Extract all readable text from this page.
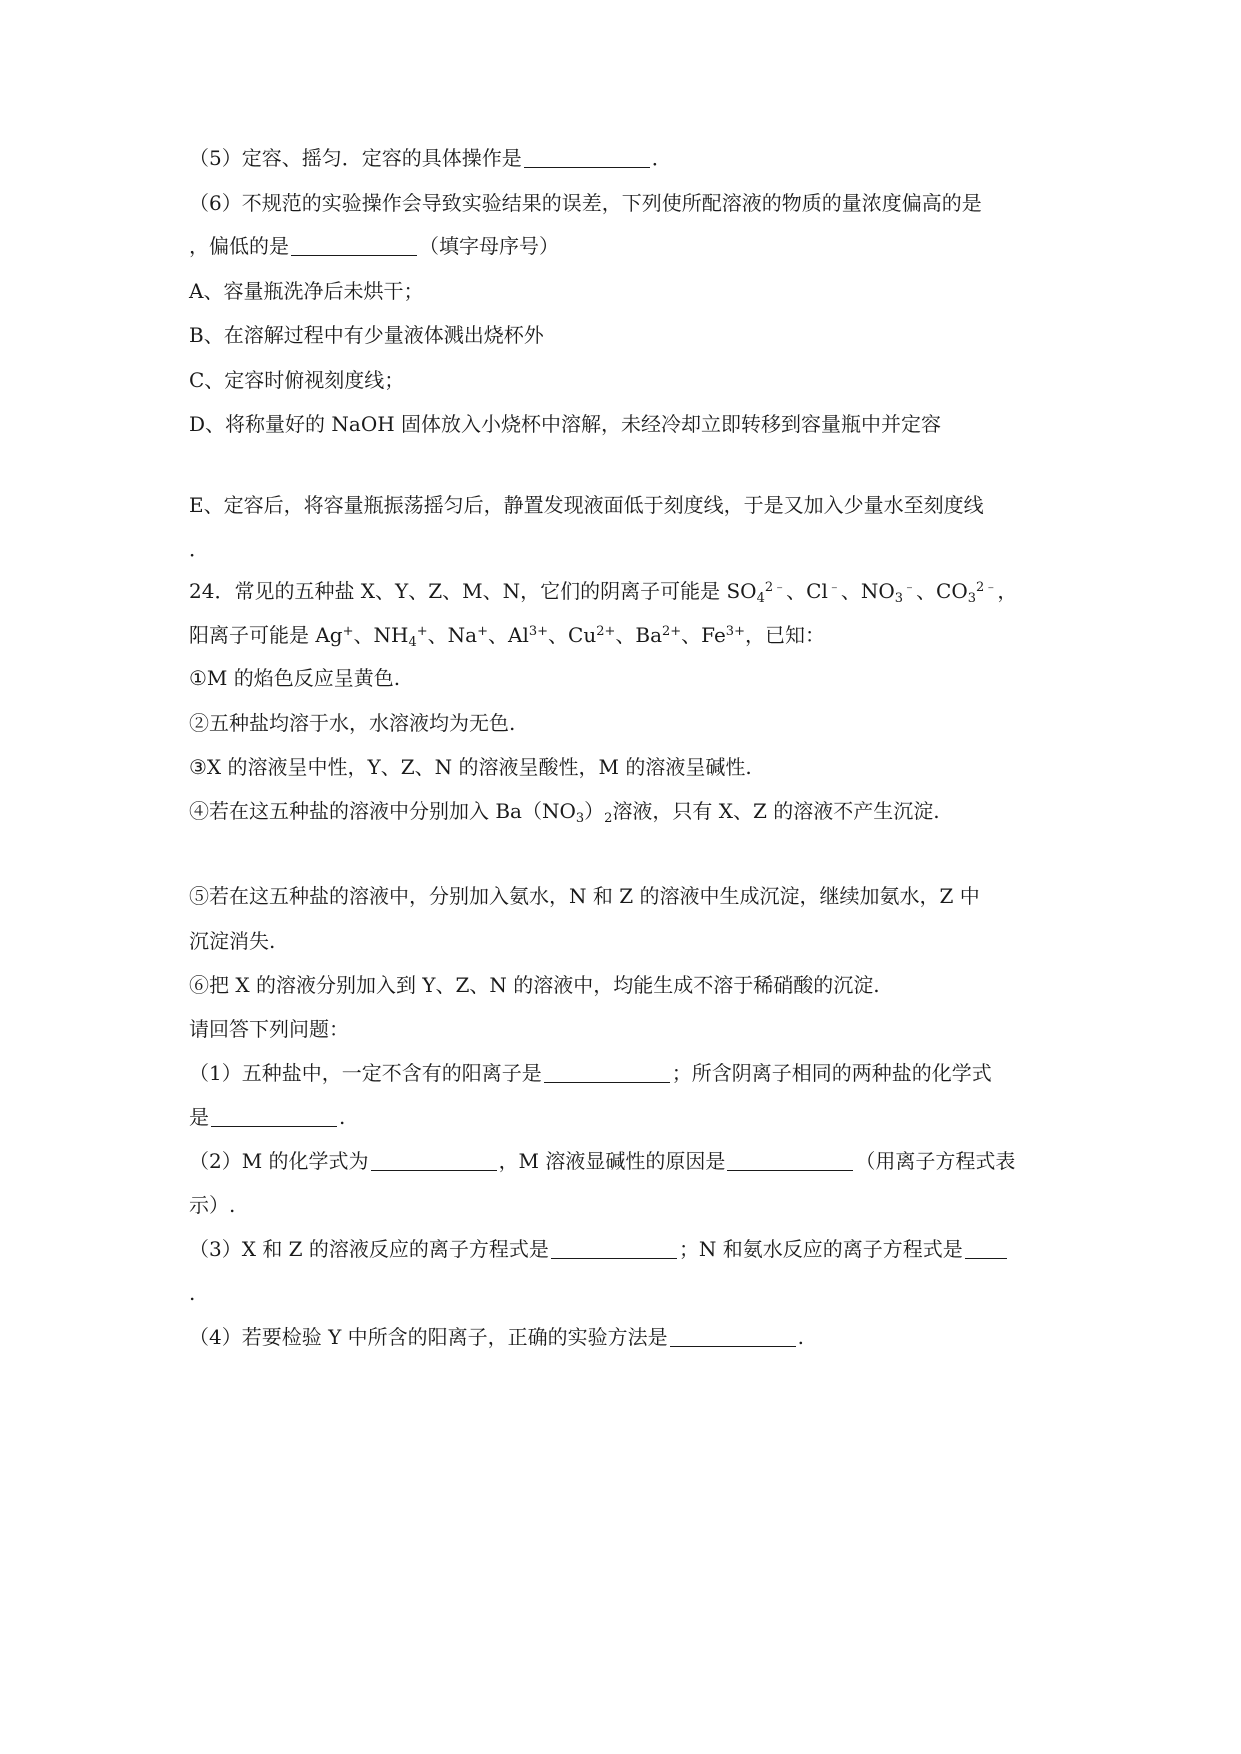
（5）定容、摇匀．定容的具体操作是	．
（6）不规范的实验操作会导致实验结果的误差，下列使所配溶液的物质的量浓度偏高的是
，偏低的是	（填字母序号）
A、容量瓶洗净后未烘干；
B、在溶解过程中有少量液体溅出烧杯外
C、定容时俯视刻度线；
D、将称量好的 NaOH 固体放入小烧杯中溶解，未经冷却立即转移到容量瓶中并定容
E、定容后，将容量瓶振荡摇匀后，静置发现液面低于刻度线，于是又加入少量水至刻度线
．
24．常见的五种盐 X、Y、Z、M、N，它们的阴离子可能是 $SO_4^{2﹣}$、Cl﹣、$NO_3^﹣$、$CO_3^{2﹣}$，
阳离子可能是 Ag+、$NH_4^+$、Na+、$Al^{3+}$、$Cu^{2+}$、$Ba^{2+}$、$Fe^{3+}$，已知：
①M 的焰色反应呈黄色.
②五种盐均溶于水，水溶液均为无色.
③X 的溶液呈中性，Y、Z、N 的溶液呈酸性，M 的溶液呈碱性.
④若在这五种盐的溶液中分别加入 $Ba(NO_3)_2$溶液，只有 X、Z 的溶液不产生沉淀.
⑤若在这五种盐的溶液中，分别加入氨水，N 和 Z 的溶液中生成沉淀，继续加氨水，Z 中
沉淀消失.
⑥把 X 的溶液分别加入到 Y、Z、N 的溶液中，均能生成不溶于稀硝酸的沉淀.
请回答下列问题：
（1）五种盐中，一定不含有的阳离子是	；所含阴离子相同的两种盐的化学式
是	.
（2）M 的化学式为	，M 溶液显碱性的原因是	（用离子方程式表
示）.
（3）X 和 Z 的溶液反应的离子方程式是	；N 和氨水反应的离子方程式是
.
（4）若要检验 Y 中所含的阳离子，正确的实验方法是	.
